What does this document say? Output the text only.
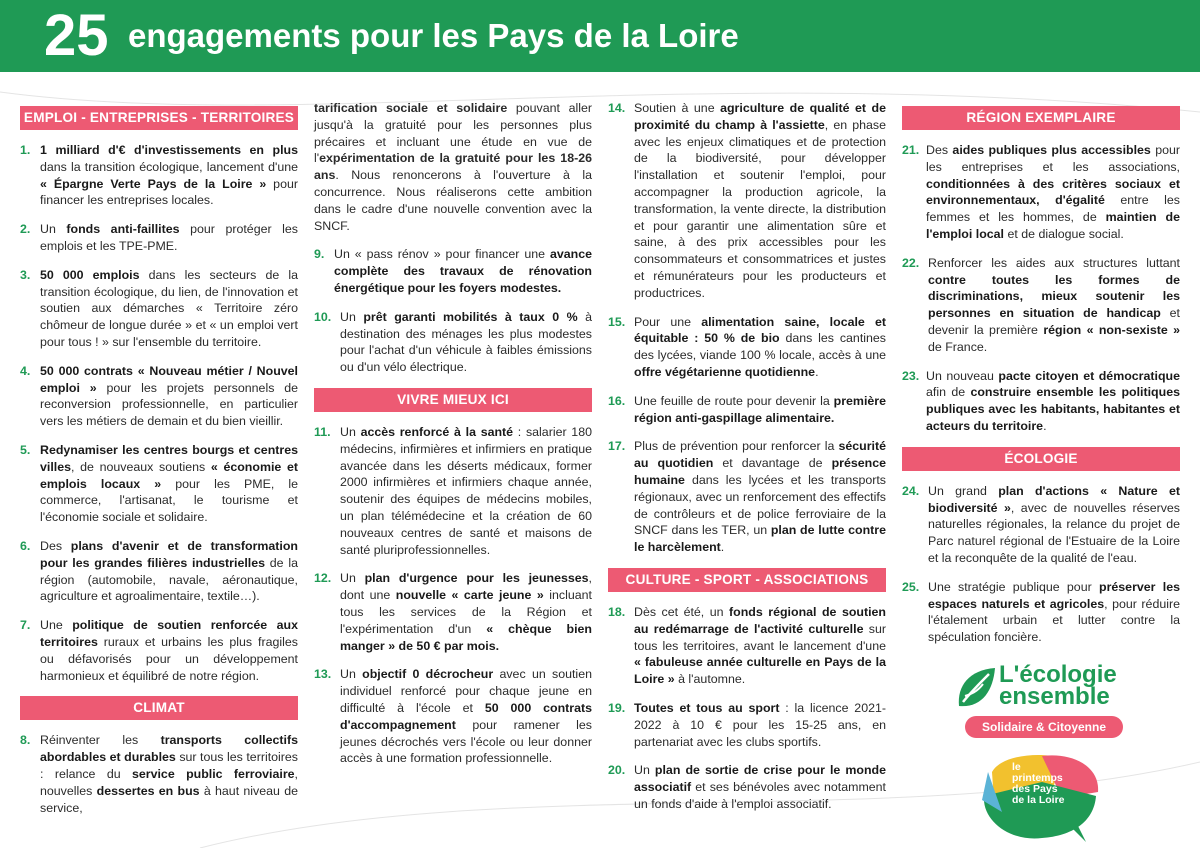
25 engagements pour les Pays de la Loire
EMPLOI - ENTREPRISES - TERRITOIRES
1. 1 milliard d'€ d'investissements en plus dans la transition écologique, lancement d'une « Épargne Verte Pays de la Loire » pour financer les entreprises locales.
2. Un fonds anti-faillites pour protéger les emplois et les TPE-PME.
3. 50 000 emplois dans les secteurs de la transition écologique, du lien, de l'innovation et soutien aux démarches « Territoire zéro chômeur de longue durée » et « un emploi vert pour tous ! » sur l'ensemble du territoire.
4. 50 000 contrats « Nouveau métier / Nouvel emploi » pour les projets personnels de reconversion professionnelle, en particulier vers les métiers de demain et du bien vieillir.
5. Redynamiser les centres bourgs et centres villes, de nouveaux soutiens « économie et emplois locaux » pour les PME, le commerce, l'artisanat, le tourisme et l'économie sociale et solidaire.
6. Des plans d'avenir et de transformation pour les grandes filières industrielles de la région (automobile, navale, aéronautique, agriculture et agroalimentaire, textile…).
7. Une politique de soutien renforcée aux territoires ruraux et urbains les plus fragiles ou défavorisés pour un développement harmonieux et équilibré de notre région.
CLIMAT
8. Réinventer les transports collectifs abordables et durables sur tous les territoires : relance du service public ferroviaire, nouvelles dessertes en bus à haut niveau de service,
tarification sociale et solidaire pouvant aller jusqu'à la gratuité pour les personnes plus précaires et incluant une étude en vue de l'expérimentation de la gratuité pour les 18-26 ans. Nous renoncerons à l'ouverture à la concurrence. Nous réaliserons cette ambition dans le cadre d'une nouvelle convention avec la SNCF.
9. Un « pass rénov » pour financer une avance complète des travaux de rénovation énergétique pour les foyers modestes.
10. Un prêt garanti mobilités à taux 0 % à destination des ménages les plus modestes pour l'achat d'un véhicule à faibles émissions ou d'un vélo électrique.
VIVRE MIEUX ICI
11. Un accès renforcé à la santé : salarier 180 médecins, infirmières et infirmiers en pratique avancée dans les déserts médicaux, former 2000 infirmières et infirmiers chaque année, soutenir des équipes de médecins mobiles, un plan télémédecine et la création de 60 nouveaux centres de santé et maisons de santé pluriprofessionnelles.
12. Un plan d'urgence pour les jeunesses, dont une nouvelle « carte jeune » incluant tous les services de la Région et l'expérimentation d'un « chèque bien manger » de 50 € par mois.
13. Un objectif 0 décrocheur avec un soutien individuel renforcé pour chaque jeune en difficulté à l'école et 50 000 contrats d'accompagnement pour ramener les jeunes décrochés vers l'école ou leur donner accès à une formation professionnelle.
14. Soutien à une agriculture de qualité et de proximité du champ à l'assiette, en phase avec les enjeux climatiques et de protection de la biodiversité, pour développer l'installation et soutenir l'emploi, pour accompagner la production agricole, la transformation, la vente directe, la distribution et pour garantir une alimentation sûre et saine, à des prix accessibles pour les consommateurs et consommatrices et justes et rémunérateurs pour les producteurs et productrices.
15. Pour une alimentation saine, locale et équitable : 50 % de bio dans les cantines des lycées, viande 100 % locale, accès à une offre végétarienne quotidienne.
16. Une feuille de route pour devenir la première région anti-gaspillage alimentaire.
17. Plus de prévention pour renforcer la sécurité au quotidien et davantage de présence humaine dans les lycées et les transports régionaux, avec un renforcement des effectifs de contrôleurs et de police ferroviaire de la SNCF dans les TER, un plan de lutte contre le harcèlement.
CULTURE - SPORT - ASSOCIATIONS
18. Dès cet été, un fonds régional de soutien au redémarrage de l'activité culturelle sur tous les territoires, avant le lancement d'une « fabuleuse année culturelle en Pays de la Loire » à l'automne.
19. Toutes et tous au sport : la licence 2021-2022 à 10 € pour les 15-25 ans, en partenariat avec les clubs sportifs.
20. Un plan de sortie de crise pour le monde associatif et ses bénévoles avec notamment un fonds d'aide à l'emploi associatif.
RÉGION EXEMPLAIRE
21. Des aides publiques plus accessibles pour les entreprises et les associations, conditionnées à des critères sociaux et environnementaux, d'égalité entre les femmes et les hommes, de maintien de l'emploi local et de dialogue social.
22. Renforcer les aides aux structures luttant contre toutes les formes de discriminations, mieux soutenir les personnes en situation de handicap et devenir la première région « non-sexiste » de France.
23. Un nouveau pacte citoyen et démocratique afin de construire ensemble les politiques publiques avec les habitants, habitantes et acteurs du territoire.
ÉCOLOGIE
24. Un grand plan d'actions « Nature et biodiversité », avec de nouvelles réserves naturelles régionales, la relance du projet de Parc naturel régional de l'Estuaire de la Loire et la reconquête de la qualité de l'eau.
25. Une stratégie publique pour préserver les espaces naturels et agricoles, pour réduire l'étalement urbain et lutter contre la spéculation foncière.
L'écologie
ensemble
Solidaire & Citoyenne
le
printemps
des Pays
de la Loire
